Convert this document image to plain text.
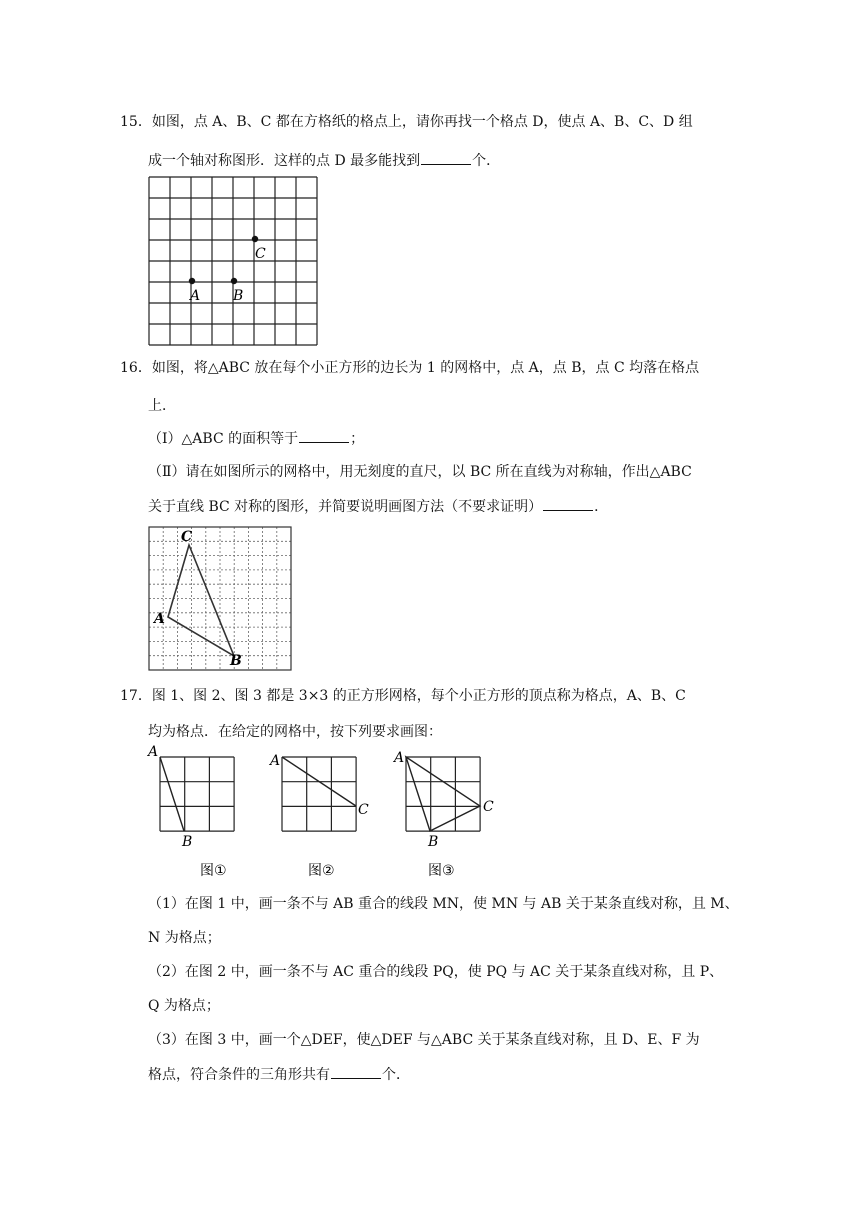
15．如图，点 A、B、C 都在方格纸的格点上，请你再找一个格点 D，使点 A、B、C、D 组
成一个轴对称图形．这样的点 D 最多能找到	个．
A B
C
16．如图，将△ABC 放在每个小正方形的边长为 1 的网格中，点 A，点 B，点 C 均落在格点
上．
（Ⅰ）△ABC 的面积等于	；
（Ⅱ）请在如图所示的网格中，用无刻度的直尺，以 BC 所在直线为对称轴，作出△ABC
关于直线 BC 对称的图形，并简要说明画图方法（不要求证明）	．
A
B
C
17．图 1、图 2、图 3 都是 3×3 的正方形网格，每个小正方形的顶点称为格点，A、B、C
均为格点．在给定的网格中，按下列要求画图：
A
B
图①
A
C
图②
A
B
C
图③
（1）在图 1 中，画一条不与 AB 重合的线段 MN，使 MN 与 AB 关于某条直线对称，且 M、
N 为格点；
（2）在图 2 中，画一条不与 AC 重合的线段 PQ，使 PQ 与 AC 关于某条直线对称，且 P、
Q 为格点；
（3）在图 3 中，画一个△DEF，使△DEF 与△ABC 关于某条直线对称，且 D、E、F 为
格点，符合条件的三角形共有	个．
